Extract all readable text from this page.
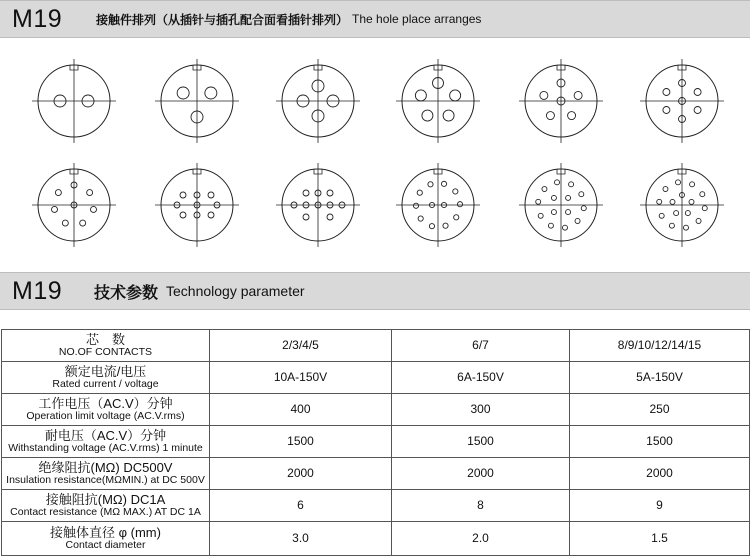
M19	接触件排列（从插针与插孔配合面看插针排列） The hole place arranges
M19	技术参数 Technology parameter
芯　数
NO.OF CONTACTS	2/3/4/5	6/7	8/9/10/12/14/15

额定电流/电压
Rated current / voltage	10A-150V	6A-150V	5A-150V

工作电压（AC.V）分钟
Operation limit voltage (AC.V.rms)	400	300	250

耐电压（AC.V）分钟
Withstanding voltage (AC.V.rms) 1 minute	1500	1500	1500

绝缘阻抗(MΩ) DC500V
Insulation resistance(MΩMIN.) at DC 500V	2000	2000	2000

接触阻抗(MΩ) DC1A
Contact resistance (MΩ MAX.) AT DC 1A	6	8	9

接触体直径 φ (mm)
Contact diameter	3.0	2.0	1.5
